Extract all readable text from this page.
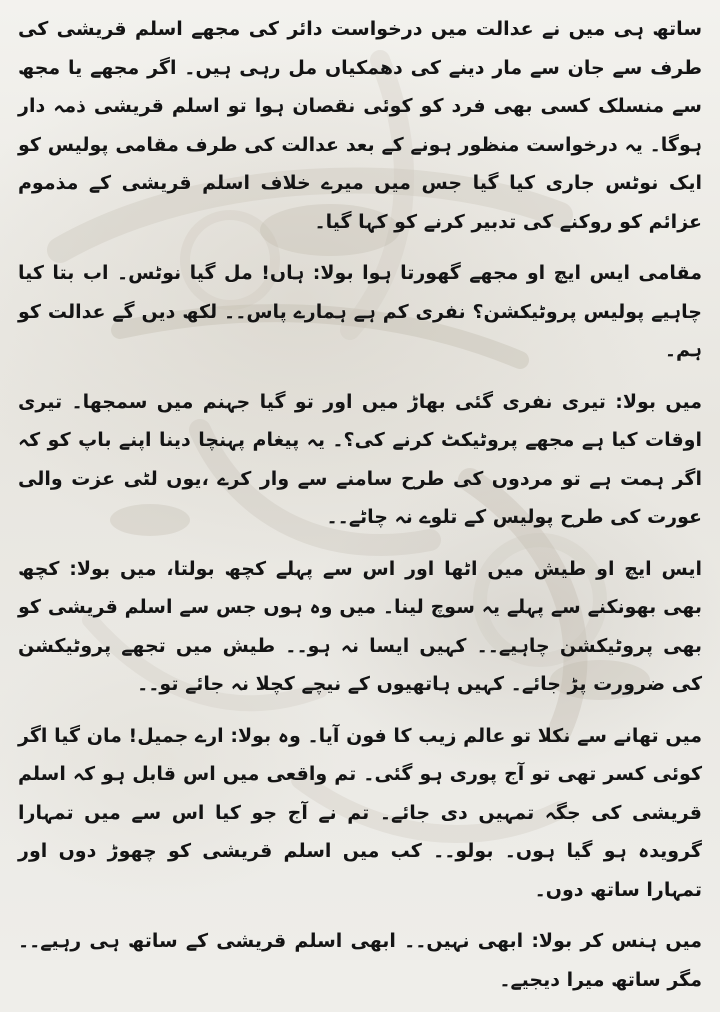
ساتھ ہی میں نے عدالت میں درخواست دائر کی مجھے اسلم قریشی کی طرف سے جان سے مار دینے کی دھمکیاں مل رہی ہیں۔ اگر مجھے یا مجھ سے منسلک کسی بھی فرد کو کوئی نقصان ہوا تو اسلم قریشی ذمہ دار ہوگا۔ یہ درخواست منظور ہونے کے بعد عدالت کی طرف مقامی پولیس کو ایک نوٹس جاری کیا گیا جس میں میرے خلاف اسلم قریشی کے مذموم عزائم کو روکنے کی تدبیر کرنے کو کہا گیا۔

مقامی ایس ایچ او مجھے گھورتا ہوا بولا: ہاں! مل گیا نوٹس۔ اب بتا کیا چاہیے پولیس پروٹیکشن؟ نفری کم ہے ہمارے پاس۔۔ لکھ دیں گے عدالت کو ہم۔

میں بولا: تیری نفری گئی بھاڑ میں اور تو گیا جہنم میں سمجھا۔ تیری اوقات کیا ہے مجھے پروٹیکٹ کرنے کی؟۔ یہ پیغام پہنچا دینا اپنے باپ کو کہ اگر ہمت ہے تو مردوں کی طرح سامنے سے وار کرے ،یوں لٹی عزت والی عورت کی طرح پولیس کے تلوے نہ چاٹے۔۔

ایس ایچ او طیش میں اٹھا اور اس سے پہلے کچھ بولتا، میں بولا: کچھ بھی بھونکنے سے پہلے یہ سوچ لینا۔ میں وہ ہوں جس سے اسلم قریشی کو بھی پروٹیکشن چاہیے۔۔ کہیں ایسا نہ ہو۔۔ طیش میں تجھے پروٹیکشن کی ضرورت پڑ جائے۔ کہیں ہاتھیوں کے نیچے کچلا نہ جائے تو۔۔

میں تھانے سے نکلا تو عالم زیب کا فون آیا۔ وہ بولا: ارے جمیل! مان گیا اگر کوئی کسر تھی تو آج پوری ہو گئی۔ تم واقعی میں اس قابل ہو کہ اسلم قریشی کی جگہ تمہیں دی جائے۔ تم نے آج جو کیا اس سے میں تمہارا گرویدہ ہو گیا ہوں۔ بولو۔۔ کب میں اسلم قریشی کو چھوڑ دوں اور تمہارا ساتھ دوں۔

میں ہنس کر بولا: ابھی نہیں۔۔ ابھی اسلم قریشی کے ساتھ ہی رہیے۔۔ مگر ساتھ میرا دیجیے۔
